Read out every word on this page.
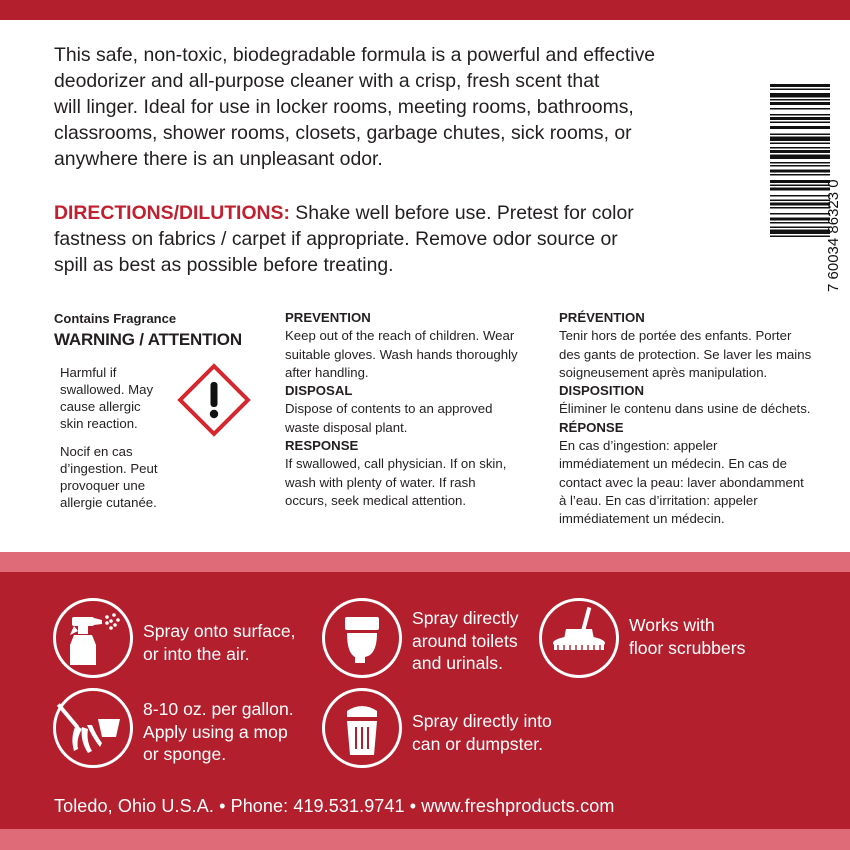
This safe, non-toxic, biodegradable formula is a powerful and effective
deodorizer and all-purpose cleaner with a crisp, fresh scent that
will linger. Ideal for use in locker rooms, meeting rooms, bathrooms,
classrooms, shower rooms, closets, garbage chutes, sick rooms, or
anywhere there is an unpleasant odor.
DIRECTIONS/DILUTIONS: Shake well before use. Pretest for color
fastness on fabrics / carpet if appropriate. Remove odor source or
spill as best as possible before treating.	7 60034 86323 0
Contains Fragrance
WARNING / ATTENTION
Harmful if
swallowed. May
cause allergic
skin reaction.
Nocif en cas
d’ingestion. Peut
provoquer une
allergie cutanée.
PREVENTION
Keep out of the reach of children. Wear
suitable gloves. Wash hands thoroughly
after handling.
DISPOSAL
Dispose of contents to an approved
waste disposal plant.
RESPONSE
If swallowed, call physician. If on skin,
wash with plenty of water. If rash
occurs, seek medical attention.
PRÉVENTION
Tenir hors de portée des enfants. Porter
des gants de protection. Se laver les mains
soigneusement après manipulation.
DISPOSITION
Éliminer le contenu dans usine de déchets.
RÉPONSE
En cas d’ingestion: appeler
immédiatement un médecin. En cas de
contact avec la peau: laver abondamment
à l’eau. En cas d’irritation: appeler
immédiatement un médecin.
Spray onto surface,
or into the air.
Spray directly
around toilets
and urinals.
Works with
floor scrubbers
8-10 oz. per gallon.
Apply using a mop
or sponge.
Spray directly into
can or dumpster.
Toledo, Ohio U.S.A. • Phone: 419.531.9741 • www.freshproducts.com
